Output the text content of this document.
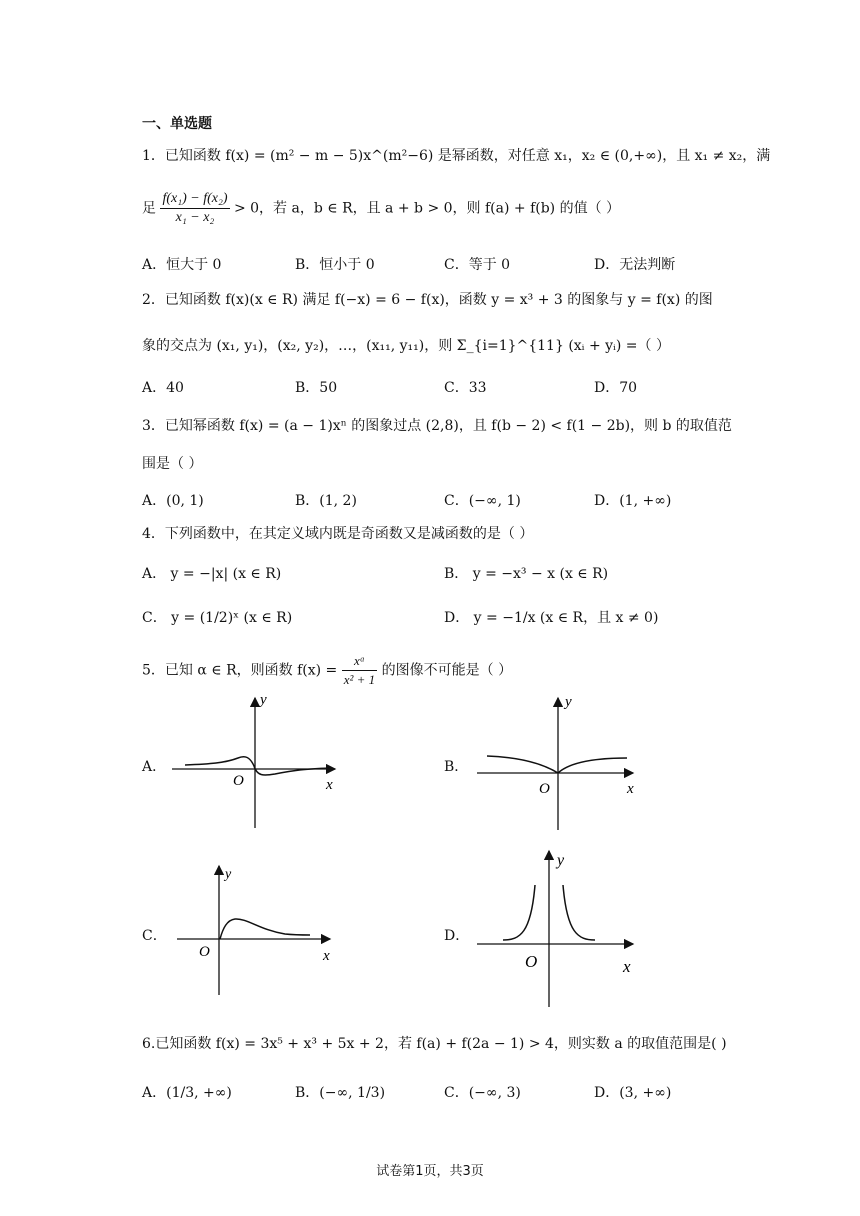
一、单选题
1．已知函数 f(x) = (m² − m − 5)x^(m²−6) 是幂函数，对任意 x₁，x₂ ∈ (0,+∞)，且 x₁ ≠ x₂，满
足 $\frac{\text{f(x₁) − f(x₂)}}{\text{x₁ − x₂}} > 0$，若 a，b ∈ R，且 a + b > 0，则 f(a) + f(b) 的值（ ）
A．恒大于 0	B．恒小于 0	C．等于 0	D．无法判断
2．已知函数 f(x)(x ∈ R) 满足 f(−x) = 6 − f(x)，函数 y = x³ + 3 的图象与 y = f(x) 的图
象的交点为 (x₁, y₁)，(x₂, y₂)，…，(x₁₁, y₁₁)，则 Σ_{i=1}^{11} (xᵢ + yᵢ) =（ ）
A．40	B．50	C．33	D．70
3．已知幂函数 f(x) = (a − 1)xⁿ 的图象过点 (2,8)，且 f(b − 2) < f(1 − 2b)，则 b 的取值范
围是（ ）
A．(0, 1)	B．(1, 2)	C．(−∞, 1)	D．(1, +∞)
4．下列函数中，在其定义域内既是奇函数又是减函数的是（ ）
A． y = −|x| (x ∈ R)	B． y = −x³ − x (x ∈ R)
C． y = (1/2)ˣ (x ∈ R)	D． y = −1/x (x ∈ R，且 x ≠ 0)
5．已知 α ∈ R，则函数 $f(x) = \frac{\text{xᵅ}}{\text{x² + 1}}$ 的图像不可能是（ ）
A．	B．
C．	D．
y
O	x
y
O	x
y
O	x
y
O	x
6.已知函数 f(x) = 3x⁵ + x³ + 5x + 2，若 f(a) + f(2a − 1) > 4，则实数 a 的取值范围是( )
A．(1/3, +∞)	B．(−∞, 1/3)	C．(−∞, 3)	D．(3, +∞)
试卷第1页，共3页
